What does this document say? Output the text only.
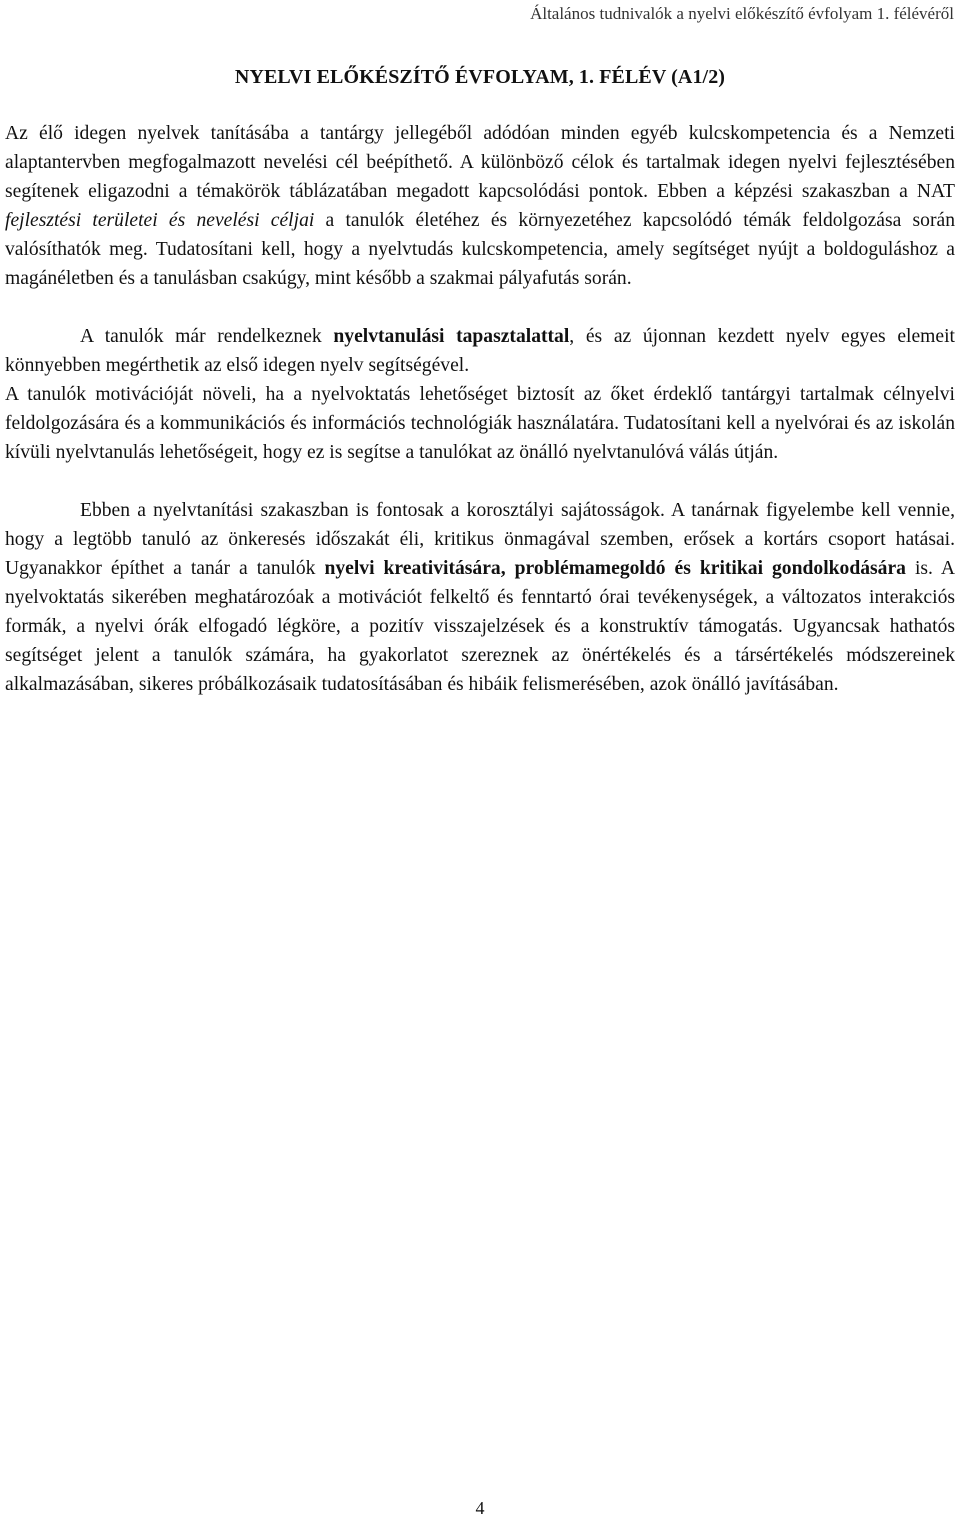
Általános tudnivalók a nyelvi előkészítő évfolyam 1. félévéről
NYELVI ELŐKÉSZÍTŐ ÉVFOLYAM, 1. FÉLÉV (A1/2)

Az élő idegen nyelvek tanításába a tantárgy jellegéből adódóan minden egyéb kulcskompetencia és a Nemzeti alaptantervben megfogalmazott nevelési cél beépíthető. A különböző célok és tartalmak idegen nyelvi fejlesztésében segítenek eligazodni a témakörök táblázatában megadott kapcsolódási pontok. Ebben a képzési szakaszban a NAT fejlesztési területei és nevelési céljai a tanulók életéhez és környezetéhez kapcsolódó témák feldolgozása során valósíthatók meg. Tudatosítani kell, hogy a nyelvtudás kulcskompetencia, amely segítséget nyújt a boldoguláshoz a magánéletben és a tanulásban csakúgy, mint később a szakmai pályafutás során.

A tanulók már rendelkeznek nyelvtanulási tapasztalattal, és az újonnan kezdett nyelv egyes elemeit könnyebben megérthetik az első idegen nyelv segítségével.

A tanulók motivációját növeli, ha a nyelvoktatás lehetőséget biztosít az őket érdeklő tantárgyi tartalmak célnyelvi feldolgozására és a kommunikációs és információs technológiák használatára. Tudatosítani kell a nyelvórai és az iskolán kívüli nyelvtanulás lehetőségeit, hogy ez is segítse a tanulókat az önálló nyelvtanulóvá válás útján.

Ebben a nyelvtanítási szakaszban is fontosak a korosztályi sajátosságok. A tanárnak figyelembe kell vennie, hogy a legtöbb tanuló az önkeresés időszakát éli, kritikus önmagával szemben, erősek a kortárs csoport hatásai. Ugyanakkor építhet a tanár a tanulók nyelvi kreativitására, problémamegoldó és kritikai gondolkodására is. A nyelvoktatás sikerében meghatározóak a motivációt felkeltő és fenntartó órai tevékenységek, a változatos interakciós formák, a nyelvi órák elfogadó légköre, a pozitív visszajelzések és a konstruktív támogatás. Ugyancsak hathatós segítséget jelent a tanulók számára, ha gyakorlatot szereznek az önértékelés és a társértékelés módszereinek alkalmazásában, sikeres próbálkozásaik tudatosításában és hibáik felismerésében, azok önálló javításában.

4
